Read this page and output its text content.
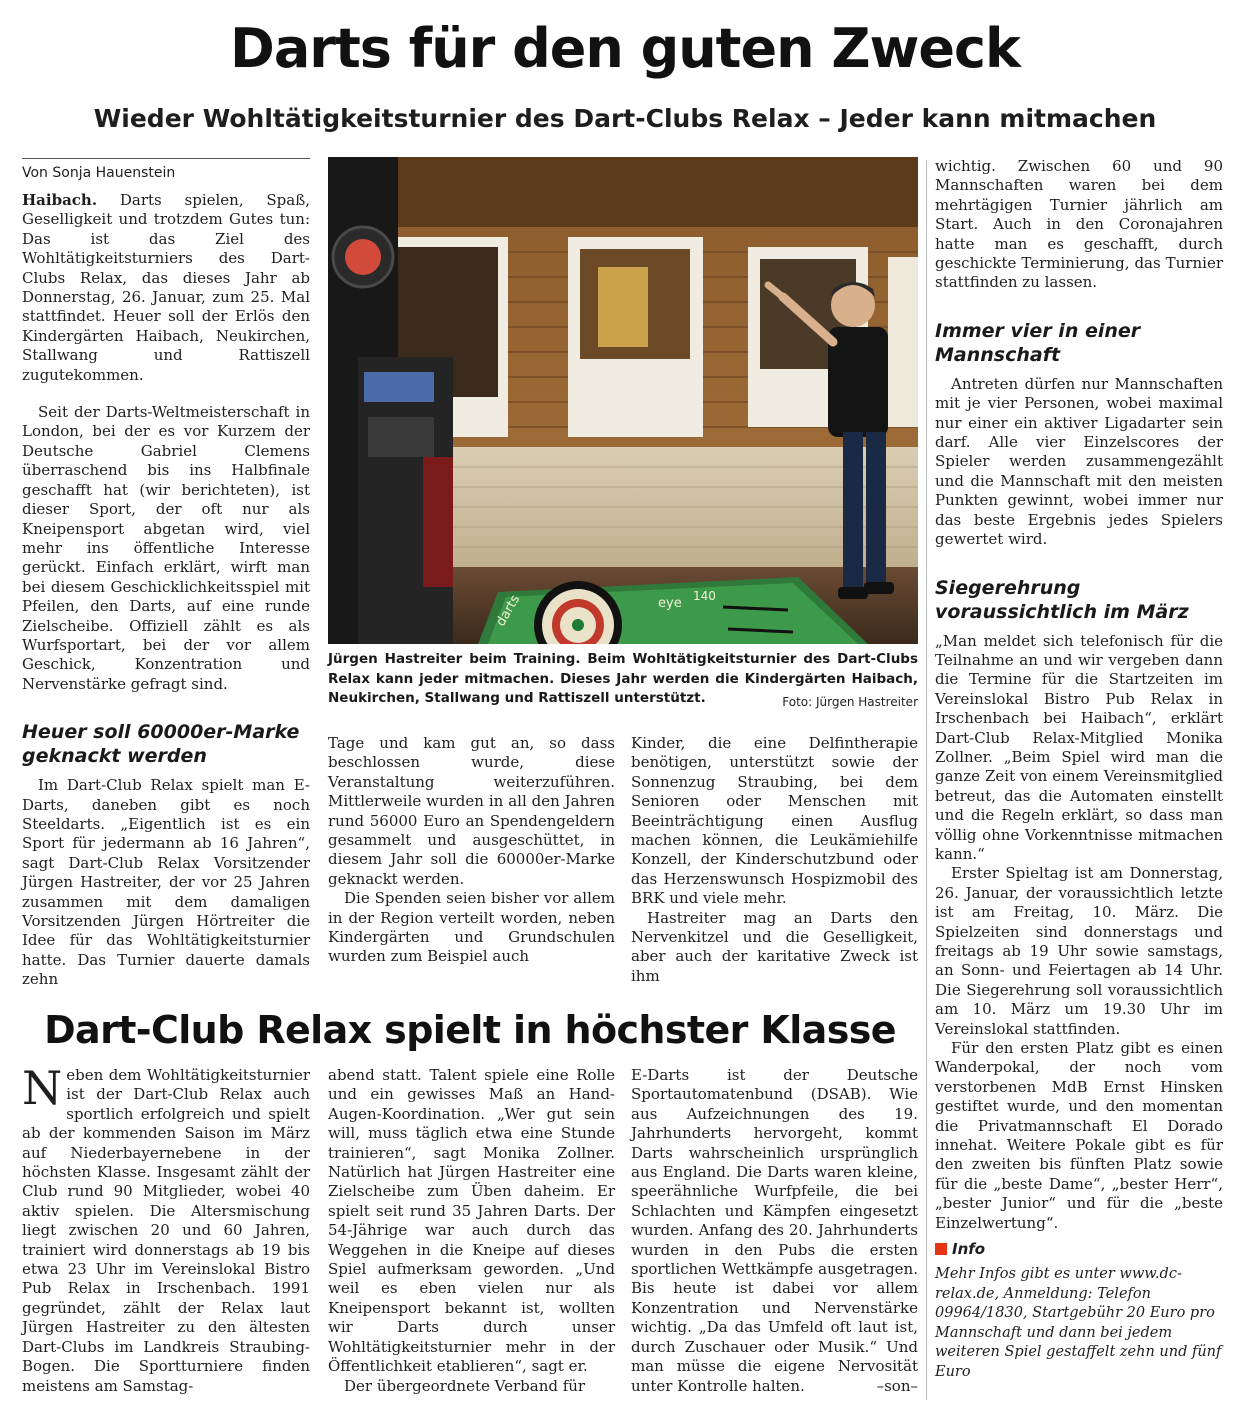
Darts für den guten Zweck
Wieder Wohltätigkeitsturnier des Dart-Clubs Relax – Jeder kann mitmachen
Von Sonja Hauenstein

Haibach. Darts spielen, Spaß, Geselligkeit und trotzdem Gutes tun: Das ist das Ziel des Wohltätigkeitsturniers des Dart-Clubs Relax, das dieses Jahr ab Donnerstag, 26. Januar, zum 25. Mal stattfindet. Heuer soll der Erlös den Kindergärten Haibach, Neukirchen, Stallwang und Rattiszell zugutekommen.

Seit der Darts-Weltmeisterschaft in London, bei der es vor Kurzem der Deutsche Gabriel Clemens überraschend bis ins Halbfinale geschafft hat (wir berichteten), ist dieser Sport, der oft nur als Kneipensport abgetan wird, viel mehr ins öffentliche Interesse gerückt. Einfach erklärt, wirft man bei diesem Geschicklichkeitsspiel mit Pfeilen, den Darts, auf eine runde Zielscheibe. Offiziell zählt es als Wurfsportart, bei der vor allem Geschick, Konzentration und Nervenstärke gefragt sind.

Heuer soll 60000er-Marke geknackt werden

Im Dart-Club Relax spielt man E-Darts, daneben gibt es noch Steeldarts. „Eigentlich ist es ein Sport für jedermann ab 16 Jahren“, sagt Dart-Club Relax Vorsitzender Jürgen Hastreiter, der vor 25 Jahren zusammen mit dem damaligen Vorsitzenden Jürgen Hörtreiter die Idee für das Wohltätigkeitsturnier hatte. Das Turnier dauerte damals zehn

darts	eye 140
Jürgen Hastreiter beim Training. Beim Wohltätigkeitsturnier des Dart-Clubs Relax kann jeder mitmachen. Dieses Jahr werden die Kindergärten Haibach, Neukirchen, Stallwang und Rattiszell unterstützt.	Foto: Jürgen Hastreiter

Tage und kam gut an, so dass beschlossen wurde, diese Veranstaltung weiterzuführen. Mittlerweile wurden in all den Jahren rund 56000 Euro an Spendengeldern gesammelt und ausgeschüttet, in diesem Jahr soll die 60000er-Marke geknackt werden.

Die Spenden seien bisher vor allem in der Region verteilt worden, neben Kindergärten und Grundschulen wurden zum Beispiel auch

Kinder, die eine Delfintherapie benötigen, unterstützt sowie der Sonnenzug Straubing, bei dem Senioren oder Menschen mit Beeinträchtigung einen Ausflug machen können, die Leukämiehilfe Konzell, der Kinderschutzbund oder das Herzenswunsch Hospizmobil des BRK und viele mehr.

Hastreiter mag an Darts den Nervenkitzel und die Geselligkeit, aber auch der karitative Zweck ist ihm

wichtig. Zwischen 60 und 90 Mannschaften waren bei dem mehrtägigen Turnier jährlich am Start. Auch in den Coronajahren hatte man es geschafft, durch geschickte Terminierung, das Turnier stattfinden zu lassen.

Immer vier in einer Mannschaft

Antreten dürfen nur Mannschaften mit je vier Personen, wobei maximal nur einer ein aktiver Ligadarter sein darf. Alle vier Einzelscores der Spieler werden zusammengezählt und die Mannschaft mit den meisten Punkten gewinnt, wobei immer nur das beste Ergebnis jedes Spielers gewertet wird.

Siegerehrung voraussichtlich im März

„Man meldet sich telefonisch für die Teilnahme an und wir vergeben dann die Termine für die Startzeiten im Vereinslokal Bistro Pub Relax in Irschenbach bei Haibach“, erklärt Dart-Club Relax-Mitglied Monika Zollner. „Beim Spiel wird man die ganze Zeit von einem Vereinsmitglied betreut, das die Automaten einstellt und die Regeln erklärt, so dass man völlig ohne Vorkenntnisse mitmachen kann.“

Erster Spieltag ist am Donnerstag, 26. Januar, der voraussichtlich letzte ist am Freitag, 10. März. Die Spielzeiten sind donnerstags und freitags ab 19 Uhr sowie samstags, an Sonn- und Feiertagen ab 14 Uhr. Die Siegerehrung soll voraussichtlich am 10. März um 19.30 Uhr im Vereinslokal stattfinden.

Für den ersten Platz gibt es einen Wanderpokal, der noch vom verstorbenen MdB Ernst Hinsken gestiftet wurde, und den momentan die Privatmannschaft El Dorado innehat. Weitere Pokale gibt es für den zweiten bis fünften Platz sowie für die „beste Dame“, „bester Herr“, „bester Junior“ und für die „beste Einzelwertung“.

Info

Mehr Infos gibt es unter www.dc-relax.de, Anmeldung: Telefon 09964/1830, Startgebühr 20 Euro pro Mannschaft und dann bei jedem weiteren Spiel gestaffelt zehn und fünf Euro

Dart-Club Relax spielt in höchster Klasse

Neben dem Wohltätigkeitsturnier ist der Dart-Club Relax auch sportlich erfolgreich und spielt ab der kommenden Saison im März auf Niederbayernebene in der höchsten Klasse. Insgesamt zählt der Club rund 90 Mitglieder, wobei 40 aktiv spielen. Die Altersmischung liegt zwischen 20 und 60 Jahren, trainiert wird donnerstags ab 19 bis etwa 23 Uhr im Vereinslokal Bistro Pub Relax in Irschenbach. 1991 gegründet, zählt der Relax laut Jürgen Hastreiter zu den ältesten Dart-Clubs im Landkreis Straubing-Bogen. Die Sportturniere finden meistens am Samstag-

abend statt. Talent spiele eine Rolle und ein gewisses Maß an Hand-Augen-Koordination. „Wer gut sein will, muss täglich etwa eine Stunde trainieren“, sagt Monika Zollner. Natürlich hat Jürgen Hastreiter eine Zielscheibe zum Üben daheim. Er spielt seit rund 35 Jahren Darts. Der 54-Jährige war auch durch das Weggehen in die Kneipe auf dieses Spiel aufmerksam geworden. „Und weil es eben vielen nur als Kneipensport bekannt ist, wollten wir Darts durch unser Wohltätigkeitsturnier mehr in der Öffentlichkeit etablieren“, sagt er.

Der übergeordnete Verband für

E-Darts ist der Deutsche Sportautomatenbund (DSAB). Wie aus Aufzeichnungen des 19. Jahrhunderts hervorgeht, kommt Darts wahrscheinlich ursprünglich aus England. Die Darts waren kleine, speerähnliche Wurfpfeile, die bei Schlachten und Kämpfen eingesetzt wurden. Anfang des 20. Jahrhunderts wurden in den Pubs die ersten sportlichen Wettkämpfe ausgetragen. Bis heute ist dabei vor allem Konzentration und Nervenstärke wichtig. „Da das Umfeld oft laut ist, durch Zuschauer oder Musik.“ Und man müsse die eigene Nervosität unter Kontrolle halten.	–son–
